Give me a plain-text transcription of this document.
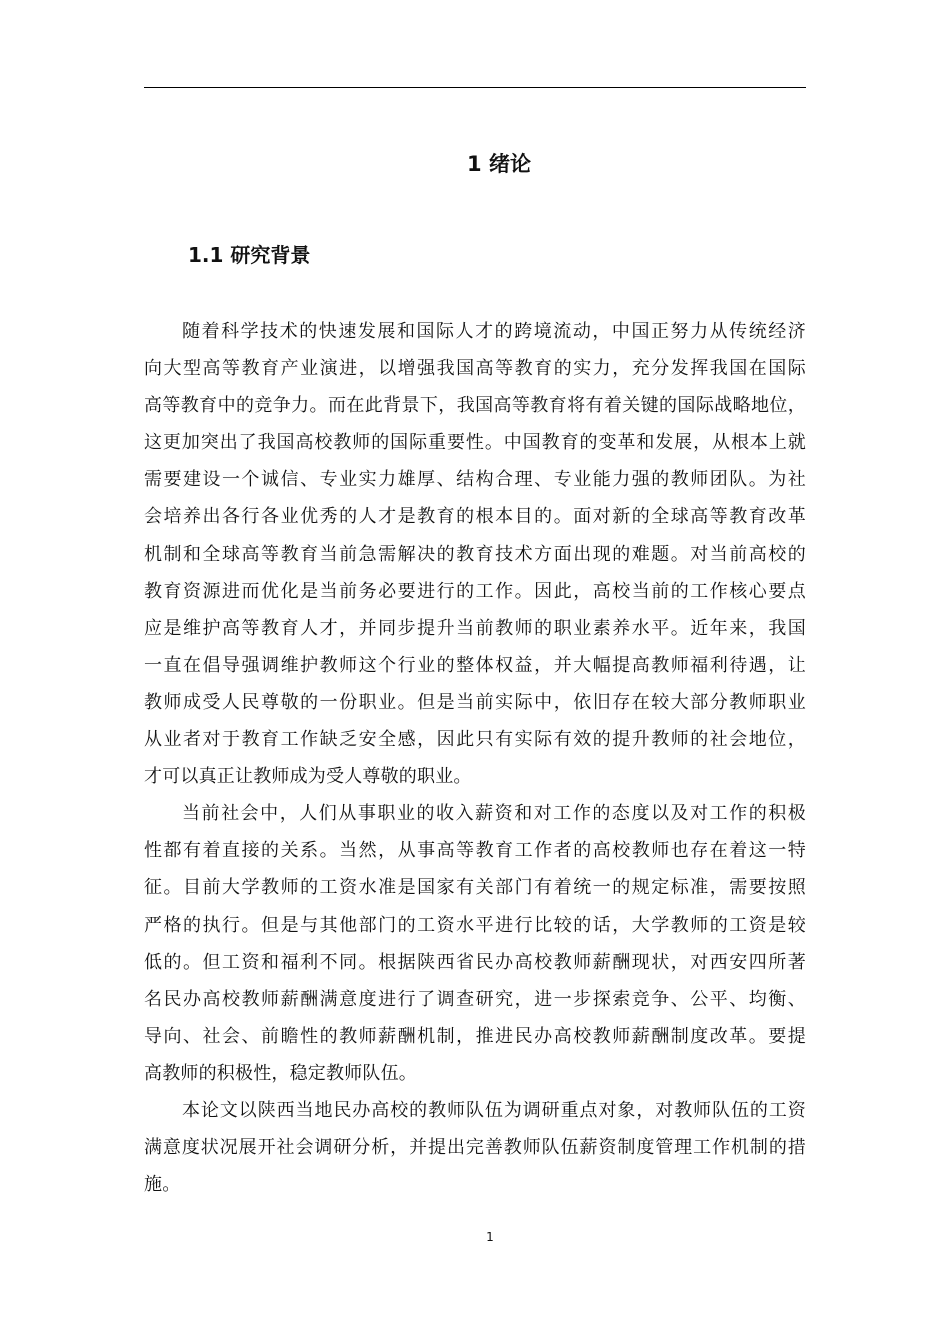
1 绪论
1.1 研究背景
随着科学技术的快速发展和国际人才的跨境流动，中国正努力从传统经济
向大型高等教育产业演进，以增强我国高等教育的实力，充分发挥我国在国际
高等教育中的竞争力。而在此背景下，我国高等教育将有着关键的国际战略地位，
这更加突出了我国高校教师的国际重要性。中国教育的变革和发展，从根本上就
需要建设一个诚信、专业实力雄厚、结构合理、专业能力强的教师团队。为社
会培养出各行各业优秀的人才是教育的根本目的。面对新的全球高等教育改革
机制和全球高等教育当前急需解决的教育技术方面出现的难题。对当前高校的
教育资源进而优化是当前务必要进行的工作。因此，高校当前的工作核心要点
应是维护高等教育人才，并同步提升当前教师的职业素养水平。近年来，我国
一直在倡导强调维护教师这个行业的整体权益，并大幅提高教师福利待遇，让
教师成受人民尊敬的一份职业。但是当前实际中，依旧存在较大部分教师职业
从业者对于教育工作缺乏安全感，因此只有实际有效的提升教师的社会地位，
才可以真正让教师成为受人尊敬的职业。
当前社会中，人们从事职业的收入薪资和对工作的态度以及对工作的积极
性都有着直接的关系。当然，从事高等教育工作者的高校教师也存在着这一特
征。目前大学教师的工资水准是国家有关部门有着统一的规定标准，需要按照
严格的执行。但是与其他部门的工资水平进行比较的话，大学教师的工资是较
低的。但工资和福利不同。根据陕西省民办高校教师薪酬现状，对西安四所著
名民办高校教师薪酬满意度进行了调查研究，进一步探索竞争、公平、均衡、
导向、社会、前瞻性的教师薪酬机制，推进民办高校教师薪酬制度改革。要提
高教师的积极性，稳定教师队伍。
本论文以陕西当地民办高校的教师队伍为调研重点对象，对教师队伍的工资
满意度状况展开社会调研分析，并提出完善教师队伍薪资制度管理工作机制的措
施。
1
